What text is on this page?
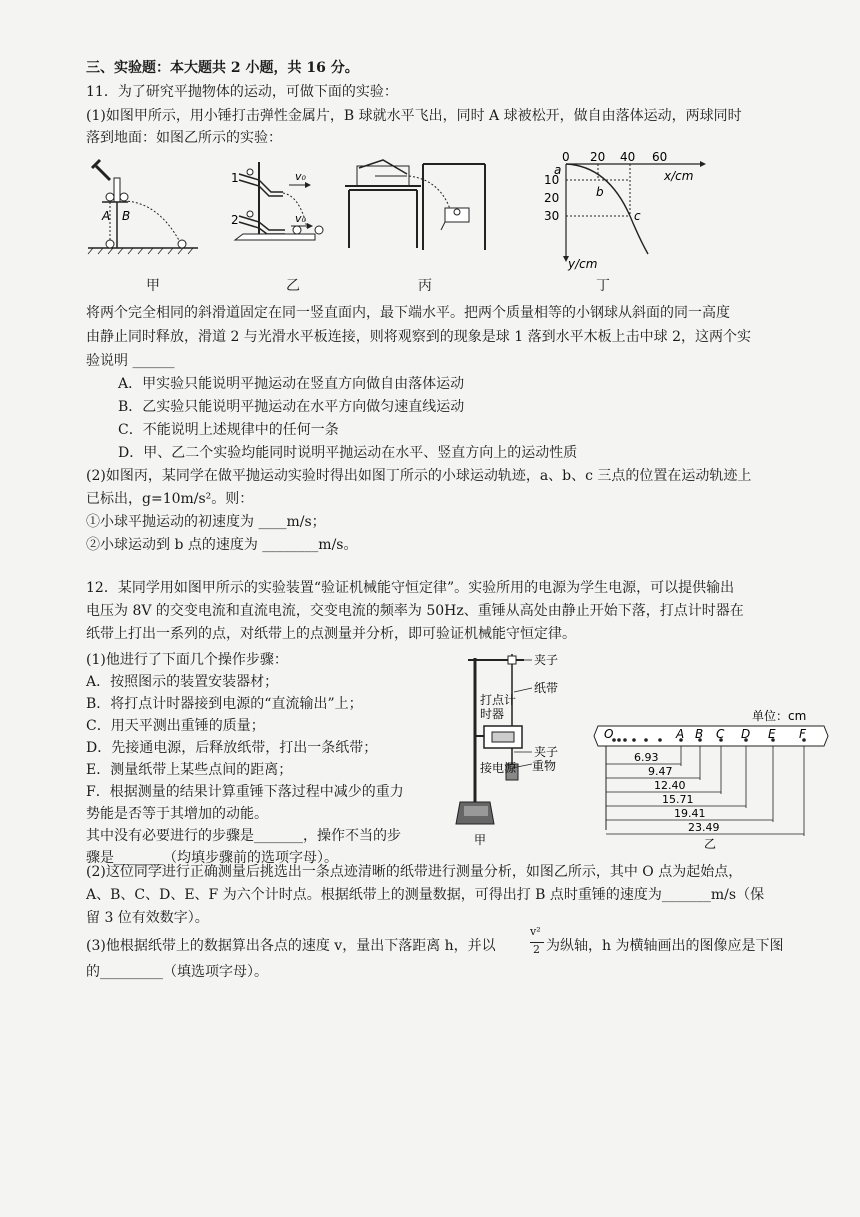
三、实验题：本大题共 2 小题，共 16 分。
11．为了研究平抛物体的运动，可做下面的实验：
(1)如图甲所示，用小锤打击弹性金属片，B 球就水平飞出，同时 A 球被松开，做自由落体运动，两球同时
落到地面：如图乙所示的实验：
A B
1
2
v₀
v₀
0 20 40 60
x/cm
10
20
30
y/cm
a
b
c
甲	乙	丙	丁
将两个完全相同的斜滑道固定在同一竖直面内，最下端水平。把两个质量相等的小钢球从斜面的同一高度
由静止同时释放，滑道 2 与光滑水平板连接，则将观察到的现象是球 1 落到水平木板上击中球 2，这两个实
验说明 ______
A．甲实验只能说明平抛运动在竖直方向做自由落体运动
B．乙实验只能说明平抛运动在水平方向做匀速直线运动
C．不能说明上述规律中的任何一条
D．甲、乙二个实验均能同时说明平抛运动在水平、竖直方向上的运动性质
(2)如图丙，某同学在做平抛运动实验时得出如图丁所示的小球运动轨迹，a、b、c 三点的位置在运动轨迹上
已标出，g=10m/s²。则：
①小球平抛运动的初速度为 ____m/s；
②小球运动到 b 点的速度为 ________m/s。
12．某同学用如图甲所示的实验装置“验证机械能守恒定律”。实验所用的电源为学生电源，可以提供输出
电压为 8V 的交变电流和直流电流，交变电流的频率为 50Hz、重锤从高处由静止开始下落，打点计时器在
纸带上打出一系列的点，对纸带上的点测量并分析，即可验证机械能守恒定律。
(1)他进行了下面几个操作步骤：
A．按照图示的装置安装器材；
B．将打点计时器接到电源的“直流输出”上；
C．用天平测出重锤的质量；
D．先接通电源，后释放纸带，打出一条纸带；
E．测量纸带上某些点间的距离；
F．根据测量的结果计算重锤下落过程中减少的重力
势能是否等于其增加的动能。
其中没有必要进行的步骤是_______，操作不当的步
骤是_______（均填步骤前的选项字母）。
夹子
纸带
打点计
时器
夹子
接电源 重物
甲
单位：cm
O	A B C D E F
6.93
9.47
12.40
15.71
19.41
23.49
乙
(2)这位同学进行正确测量后挑选出一条点迹清晰的纸带进行测量分析，如图乙所示，其中 O 点为起始点，
A、B、C、D、E、F 为六个计时点。根据纸带上的测量数据，可得出打 B 点时重锤的速度为_______m/s（保
留 3 位有效数字）。
(3)他根据纸带上的数据算出各点的速度 v，量出下落距离 h，并以
v²
2 为纵轴，h 为横轴画出的图像应是下图
的_________（填选项字母）。
